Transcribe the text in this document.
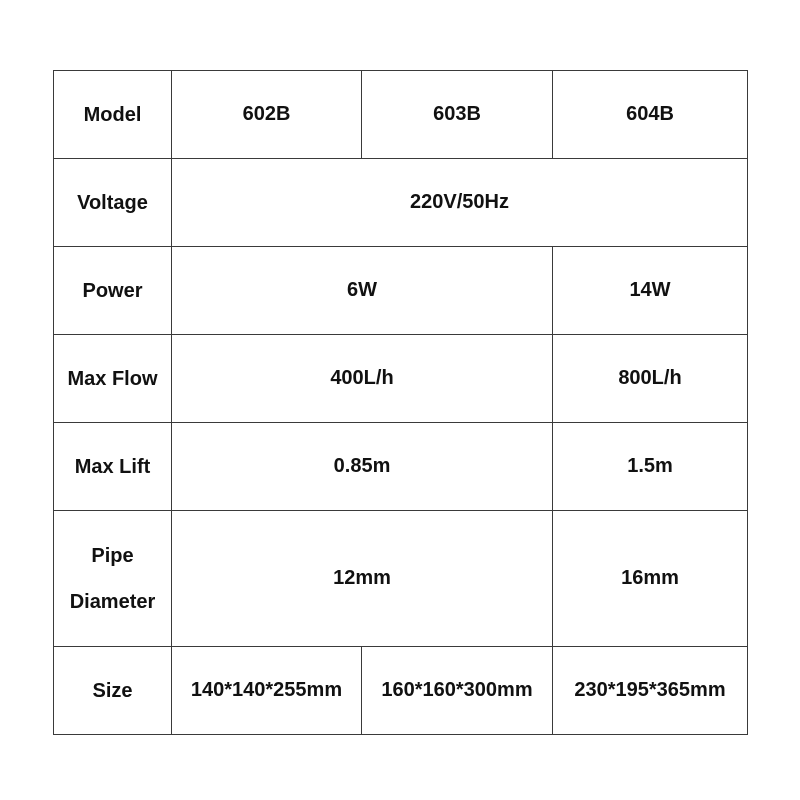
Model	602B	603B	604B
Voltage	220V/50Hz		
Power	6W		14W
Max Flow	400L/h		800L/h
Max Lift	0.85m		1.5m

Pipe
Diameter	12mm		16mm
Size	140*140*255mm	160*160*300mm	230*195*365mm
